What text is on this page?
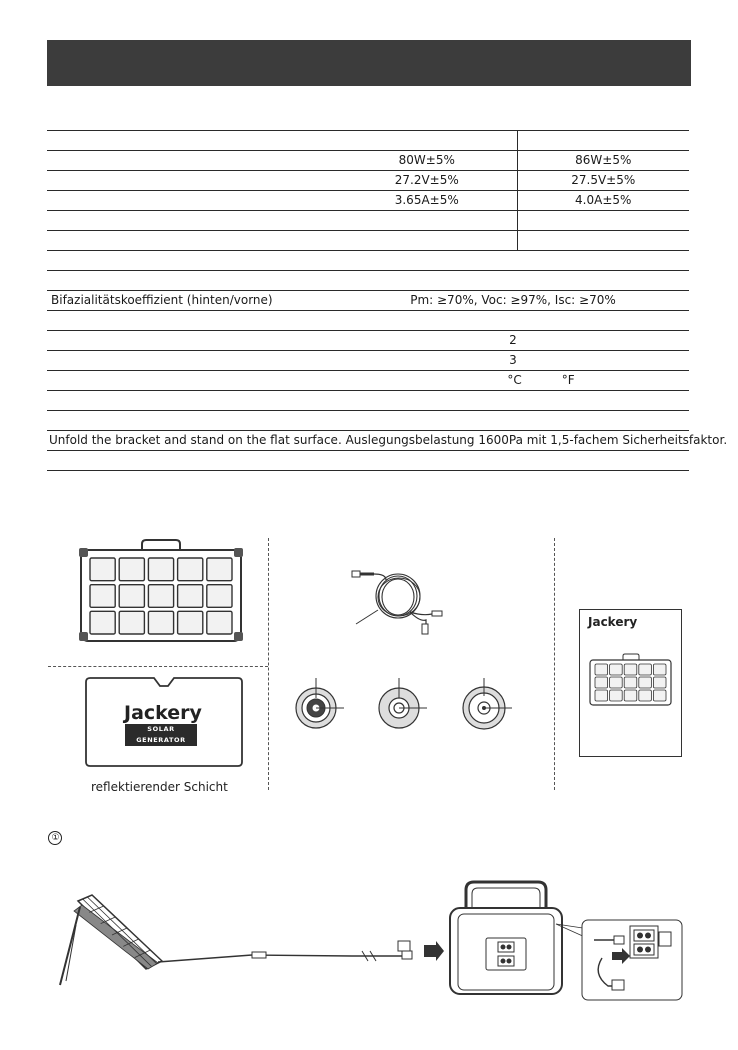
	80W±5%	86W±5%
	27.2V±5%	27.5V±5%
	3.65A±5%	4.0A±5%

Bifazialitätskoeffizient (hinten/vorne)	Pm: ≥70%, Voc: ≥97%, Isc: ≥70%	

	2	
	3	
	°C °F	

Unfold the bracket and stand on the flat surface. Auslegungsbelastung 1600Pa mit 1,5-fachem Sicherheitsfaktor.		

Jackery
SOLAR GENERATOR
reflektierender Schicht
Jackery
①
